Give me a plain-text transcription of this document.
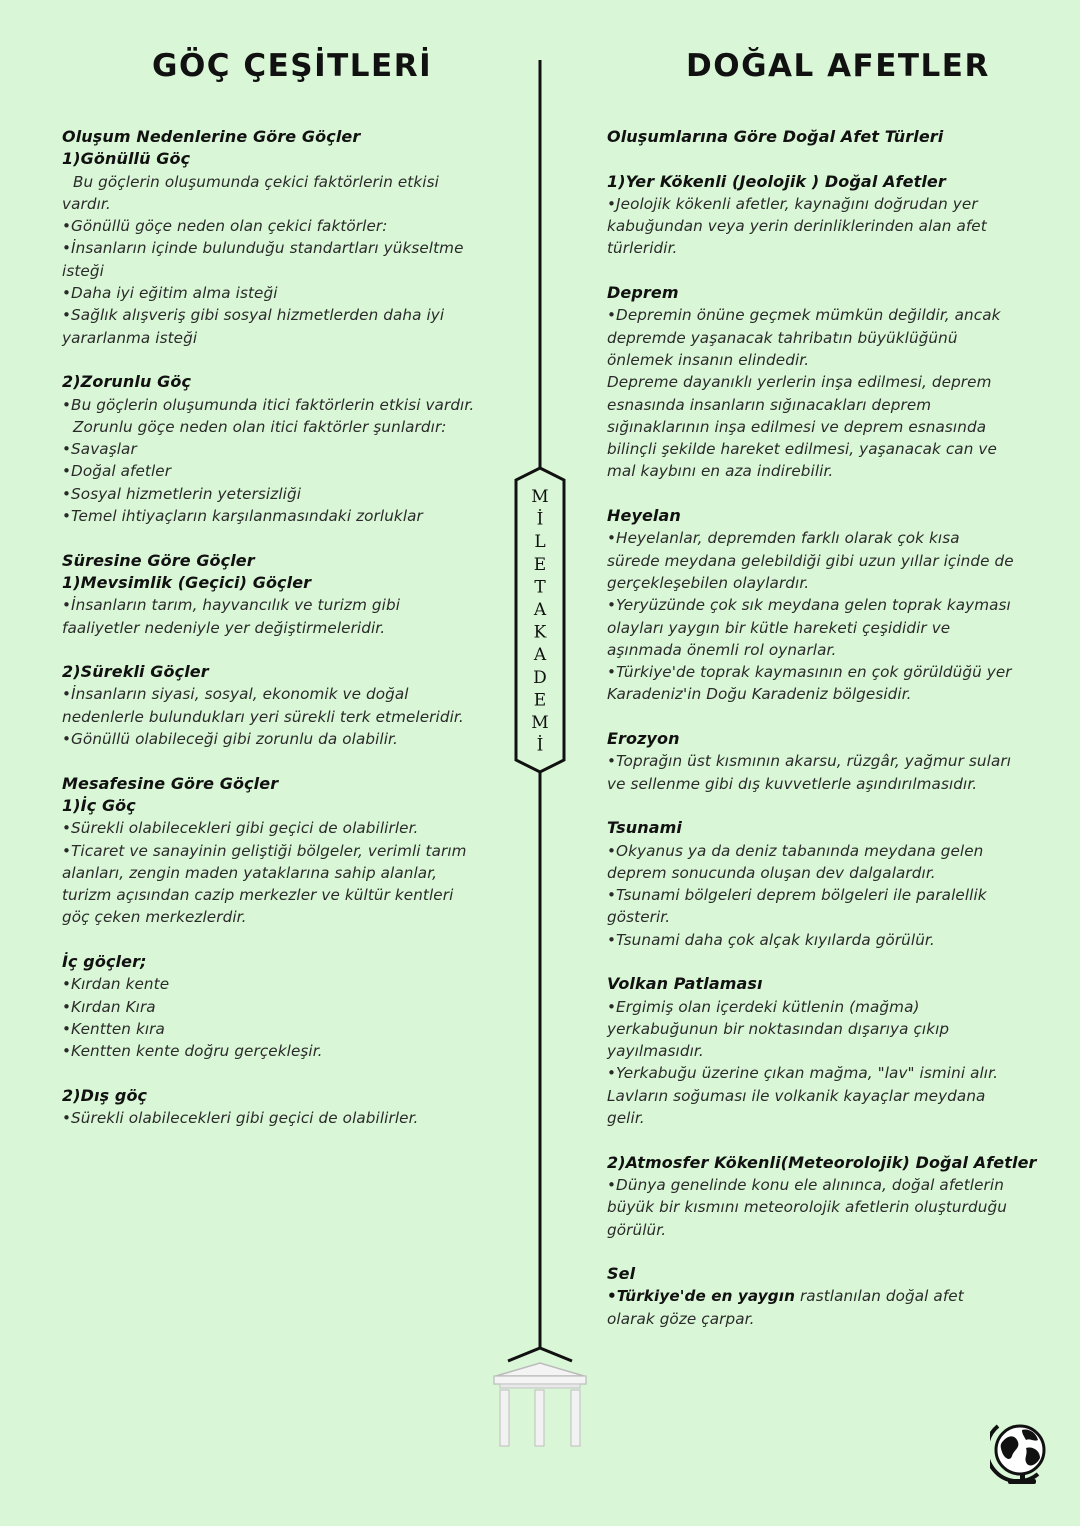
GÖÇ ÇEŞİTLERİ	DOĞAL AFETLER
Oluşum Nedenlerine Göre Göçler
1)Gönüllü Göç
Bu göçlerin oluşumunda çekici faktörlerin etkisi
vardır.
•Gönüllü göçe neden olan çekici faktörler:
•İnsanların içinde bulunduğu standartları yükseltme
isteği
•Daha iyi eğitim alma isteği
•Sağlık alışveriş gibi sosyal hizmetlerden daha iyi
yararlanma isteği
2)Zorunlu Göç
•Bu göçlerin oluşumunda itici faktörlerin etkisi vardır.
Zorunlu göçe neden olan itici faktörler şunlardır:
•Savaşlar
•Doğal afetler
•Sosyal hizmetlerin yetersizliği
•Temel ihtiyaçların karşılanmasındaki zorluklar
Süresine Göre Göçler
1)Mevsimlik (Geçici) Göçler
•İnsanların tarım, hayvancılık ve turizm gibi
faaliyetler nedeniyle yer değiştirmeleridir.
2)Sürekli Göçler
•İnsanların siyasi, sosyal, ekonomik ve doğal
nedenlerle bulundukları yeri sürekli terk etmeleridir.
•Gönüllü olabileceği gibi zorunlu da olabilir.
Mesafesine Göre Göçler
1)İç Göç
•Sürekli olabilecekleri gibi geçici de olabilirler.
•Ticaret ve sanayinin geliştiği bölgeler, verimli tarım
alanları, zengin maden yataklarına sahip alanlar,
turizm açısından cazip merkezler ve kültür kentleri
göç çeken merkezlerdir.
İç göçler;
•Kırdan kente
•Kırdan Kıra
•Kentten kıra
•Kentten kente doğru gerçekleşir.
2)Dış göç
•Sürekli olabilecekleri gibi geçici de olabilirler.
Oluşumlarına Göre Doğal Afet Türleri
1)Yer Kökenli (Jeolojik ) Doğal Afetler
•Jeolojik kökenli afetler, kaynağını doğrudan yer
kabuğundan veya yerin derinliklerinden alan afet
türleridir.
Deprem
•Depremin önüne geçmek mümkün değildir, ancak
depremde yaşanacak tahribatın büyüklüğünü
önlemek insanın elindedir.
Depreme dayanıklı yerlerin inşa edilmesi, deprem
esnasında insanların sığınacakları deprem
sığınaklarının inşa edilmesi ve deprem esnasında
bilinçli şekilde hareket edilmesi, yaşanacak can ve
mal kaybını en aza indirebilir.
Heyelan
•Heyelanlar, depremden farklı olarak çok kısa
sürede meydana gelebildiği gibi uzun yıllar içinde de
gerçekleşebilen olaylardır.
•Yeryüzünde çok sık meydana gelen toprak kayması
olayları yaygın bir kütle hareketi çeşididir ve
aşınmada önemli rol oynarlar.
•Türkiye'de toprak kaymasının en çok görüldüğü yer
Karadeniz'in Doğu Karadeniz bölgesidir.
Erozyon
•Toprağın üst kısmının akarsu, rüzgâr, yağmur suları
ve sellenme gibi dış kuvvetlerle aşındırılmasıdır.
Tsunami
•Okyanus ya da deniz tabanında meydana gelen
deprem sonucunda oluşan dev dalgalardır.
•Tsunami bölgeleri deprem bölgeleri ile paralellik
gösterir.
•Tsunami daha çok alçak kıyılarda görülür.
Volkan Patlaması
•Ergimiş olan içerdeki kütlenin (mağma)
yerkabuğunun bir noktasından dışarıya çıkıp
yayılmasıdır.
•Yerkabuğu üzerine çıkan mağma, "lav" ismini alır.
Lavların soğuması ile volkanik kayaçlar meydana
gelir.
2)Atmosfer Kökenli(Meteorolojik) Doğal Afetler
•Dünya genelinde konu ele alınınca, doğal afetlerin
büyük bir kısmını meteorolojik afetlerin oluşturduğu
görülür.
Sel
•Türkiye'de en yaygın rastlanılan doğal afet
olarak göze çarpar.
M
İ
L
E
T
A
K
A
D
E
M
İ
